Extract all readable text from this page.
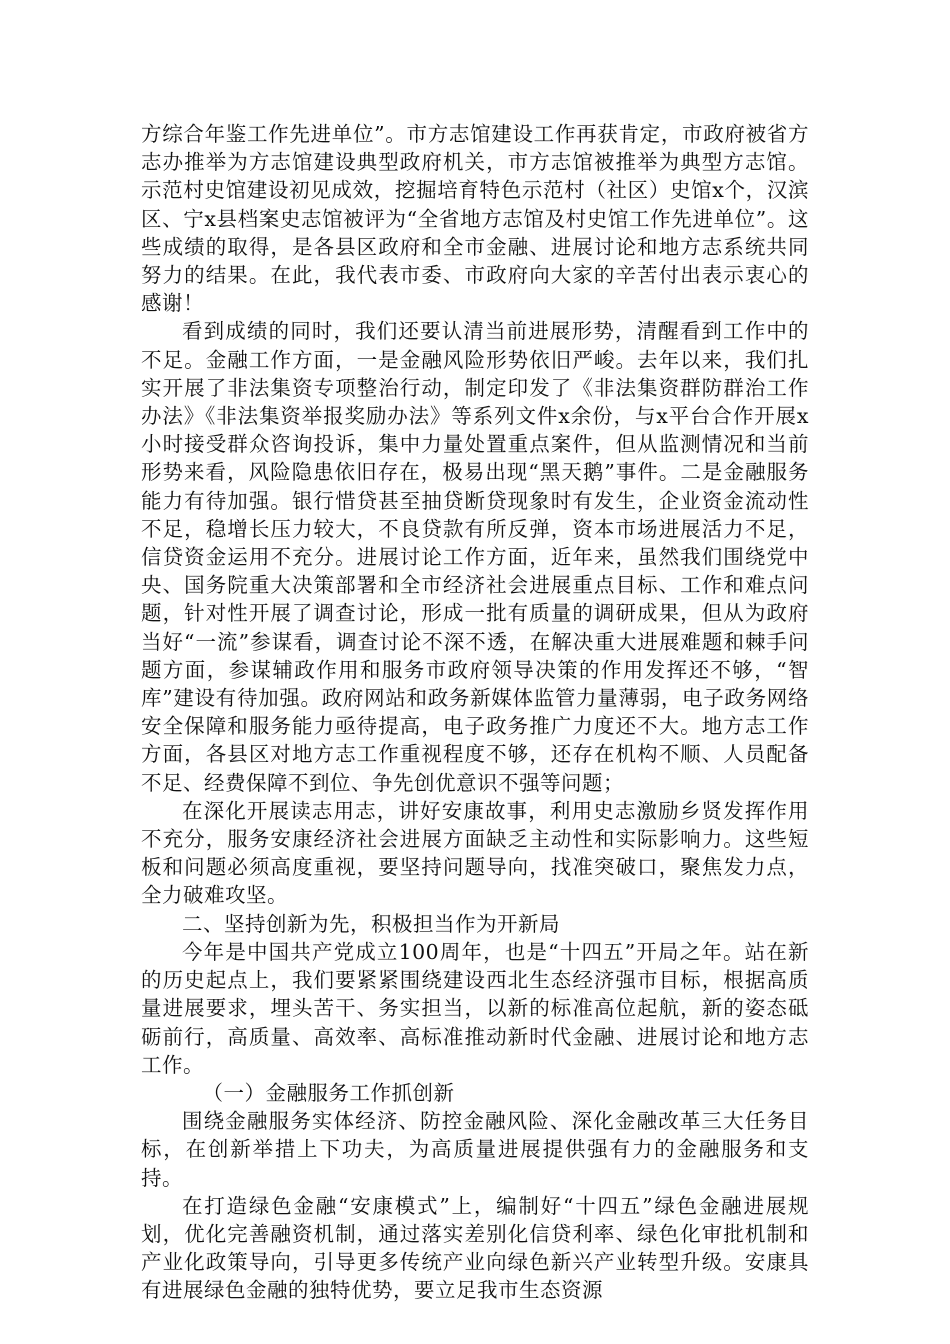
方综合年鉴工作先进单位”。市方志馆建设工作再获肯定，市政府被省方志办推举为方志馆建设典型政府机关，市方志馆被推举为典型方志馆。示范村史馆建设初见成效，挖掘培育特色示范村（社区）史馆x个，汉滨区、宁x县档案史志馆被评为“全省地方志馆及村史馆工作先进单位”。这些成绩的取得，是各县区政府和全市金融、进展讨论和地方志系统共同努力的结果。在此，我代表市委、市政府向大家的辛苦付出表示衷心的感谢！

看到成绩的同时，我们还要认清当前进展形势，清醒看到工作中的不足。金融工作方面，一是金融风险形势依旧严峻。去年以来，我们扎实开展了非法集资专项整治行动，制定印发了《非法集资群防群治工作办法》《非法集资举报奖励办法》等系列文件x余份，与x平台合作开展x小时接受群众咨询投诉，集中力量处置重点案件，但从监测情况和当前形势来看，风险隐患依旧存在，极易出现“黑天鹅”事件。二是金融服务能力有待加强。银行惜贷甚至抽贷断贷现象时有发生，企业资金流动性不足，稳增长压力较大，不良贷款有所反弹，资本市场进展活力不足，信贷资金运用不充分。进展讨论工作方面，近年来，虽然我们围绕党中央、国务院重大决策部署和全市经济社会进展重点目标、工作和难点问题，针对性开展了调查讨论，形成一批有质量的调研成果，但从为政府当好“一流”参谋看，调查讨论不深不透，在解决重大进展难题和棘手问题方面，参谋辅政作用和服务市政府领导决策的作用发挥还不够，“智库”建设有待加强。政府网站和政务新媒体监管力量薄弱，电子政务网络安全保障和服务能力亟待提高，电子政务推广力度还不大。地方志工作方面，各县区对地方志工作重视程度不够，还存在机构不顺、人员配备不足、经费保障不到位、争先创优意识不强等问题；

在深化开展读志用志，讲好安康故事，利用史志激励乡贤发挥作用不充分，服务安康经济社会进展方面缺乏主动性和实际影响力。这些短板和问题必须高度重视，要坚持问题导向，找准突破口，聚焦发力点，全力破难攻坚。

二、坚持创新为先，积极担当作为开新局

今年是中国共产党成立100周年，也是“十四五”开局之年。站在新的历史起点上，我们要紧紧围绕建设西北生态经济强市目标，根据高质量进展要求，埋头苦干、务实担当，以新的标准高位起航，新的姿态砥砺前行，高质量、高效率、高标准推动新时代金融、进展讨论和地方志工作。

（一）金融服务工作抓创新

围绕金融服务实体经济、防控金融风险、深化金融改革三大任务目标，在创新举措上下功夫，为高质量进展提供强有力的金融服务和支持。

在打造绿色金融“安康模式”上，编制好“十四五”绿色金融进展规划，优化完善融资机制，通过落实差别化信贷利率、绿色化审批机制和产业化政策导向，引导更多传统产业向绿色新兴产业转型升级。安康具有进展绿色金融的独特优势，要立足我市生态资源
